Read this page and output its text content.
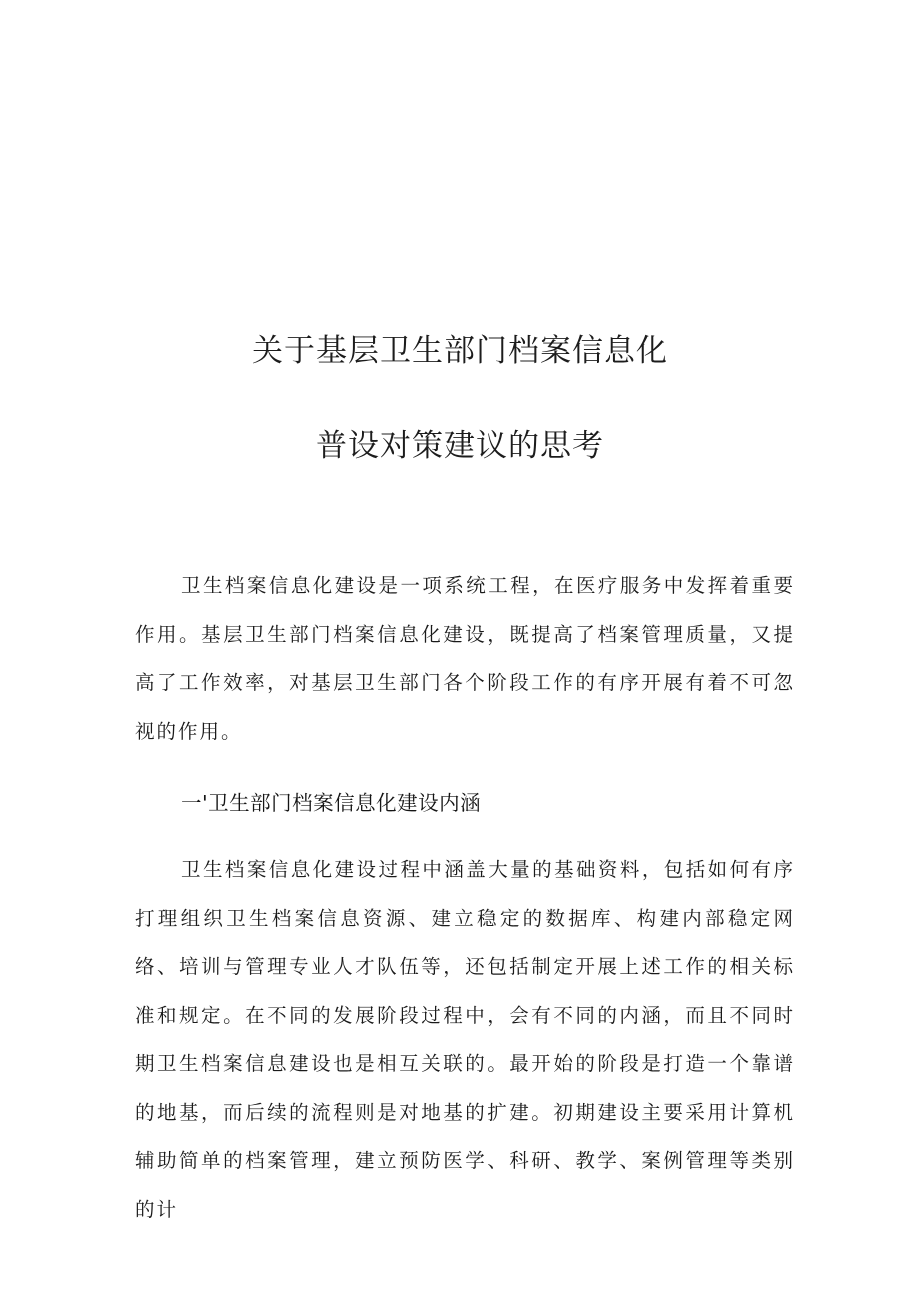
关于基层卫生部门档案信息化
普设对策建议的思考

卫生档案信息化建设是一项系统工程，在医疗服务中发挥着重要作用。基层卫生部门档案信息化建设，既提高了档案管理质量，又提高了工作效率，对基层卫生部门各个阶段工作的有序开展有着不可忽视的作用。

一'卫生部门档案信息化建设内涵

卫生档案信息化建设过程中涵盖大量的基础资料，包括如何有序打理组织卫生档案信息资源、建立稳定的数据库、构建内部稳定网络、培训与管理专业人才队伍等，还包括制定开展上述工作的相关标准和规定。在不同的发展阶段过程中，会有不同的内涵，而且不同时期卫生档案信息建设也是相互关联的。最开始的阶段是打造一个靠谱的地基，而后续的流程则是对地基的扩建。初期建设主要采用计算机辅助简单的档案管理，建立预防医学、科研、教学、案例管理等类别的计
